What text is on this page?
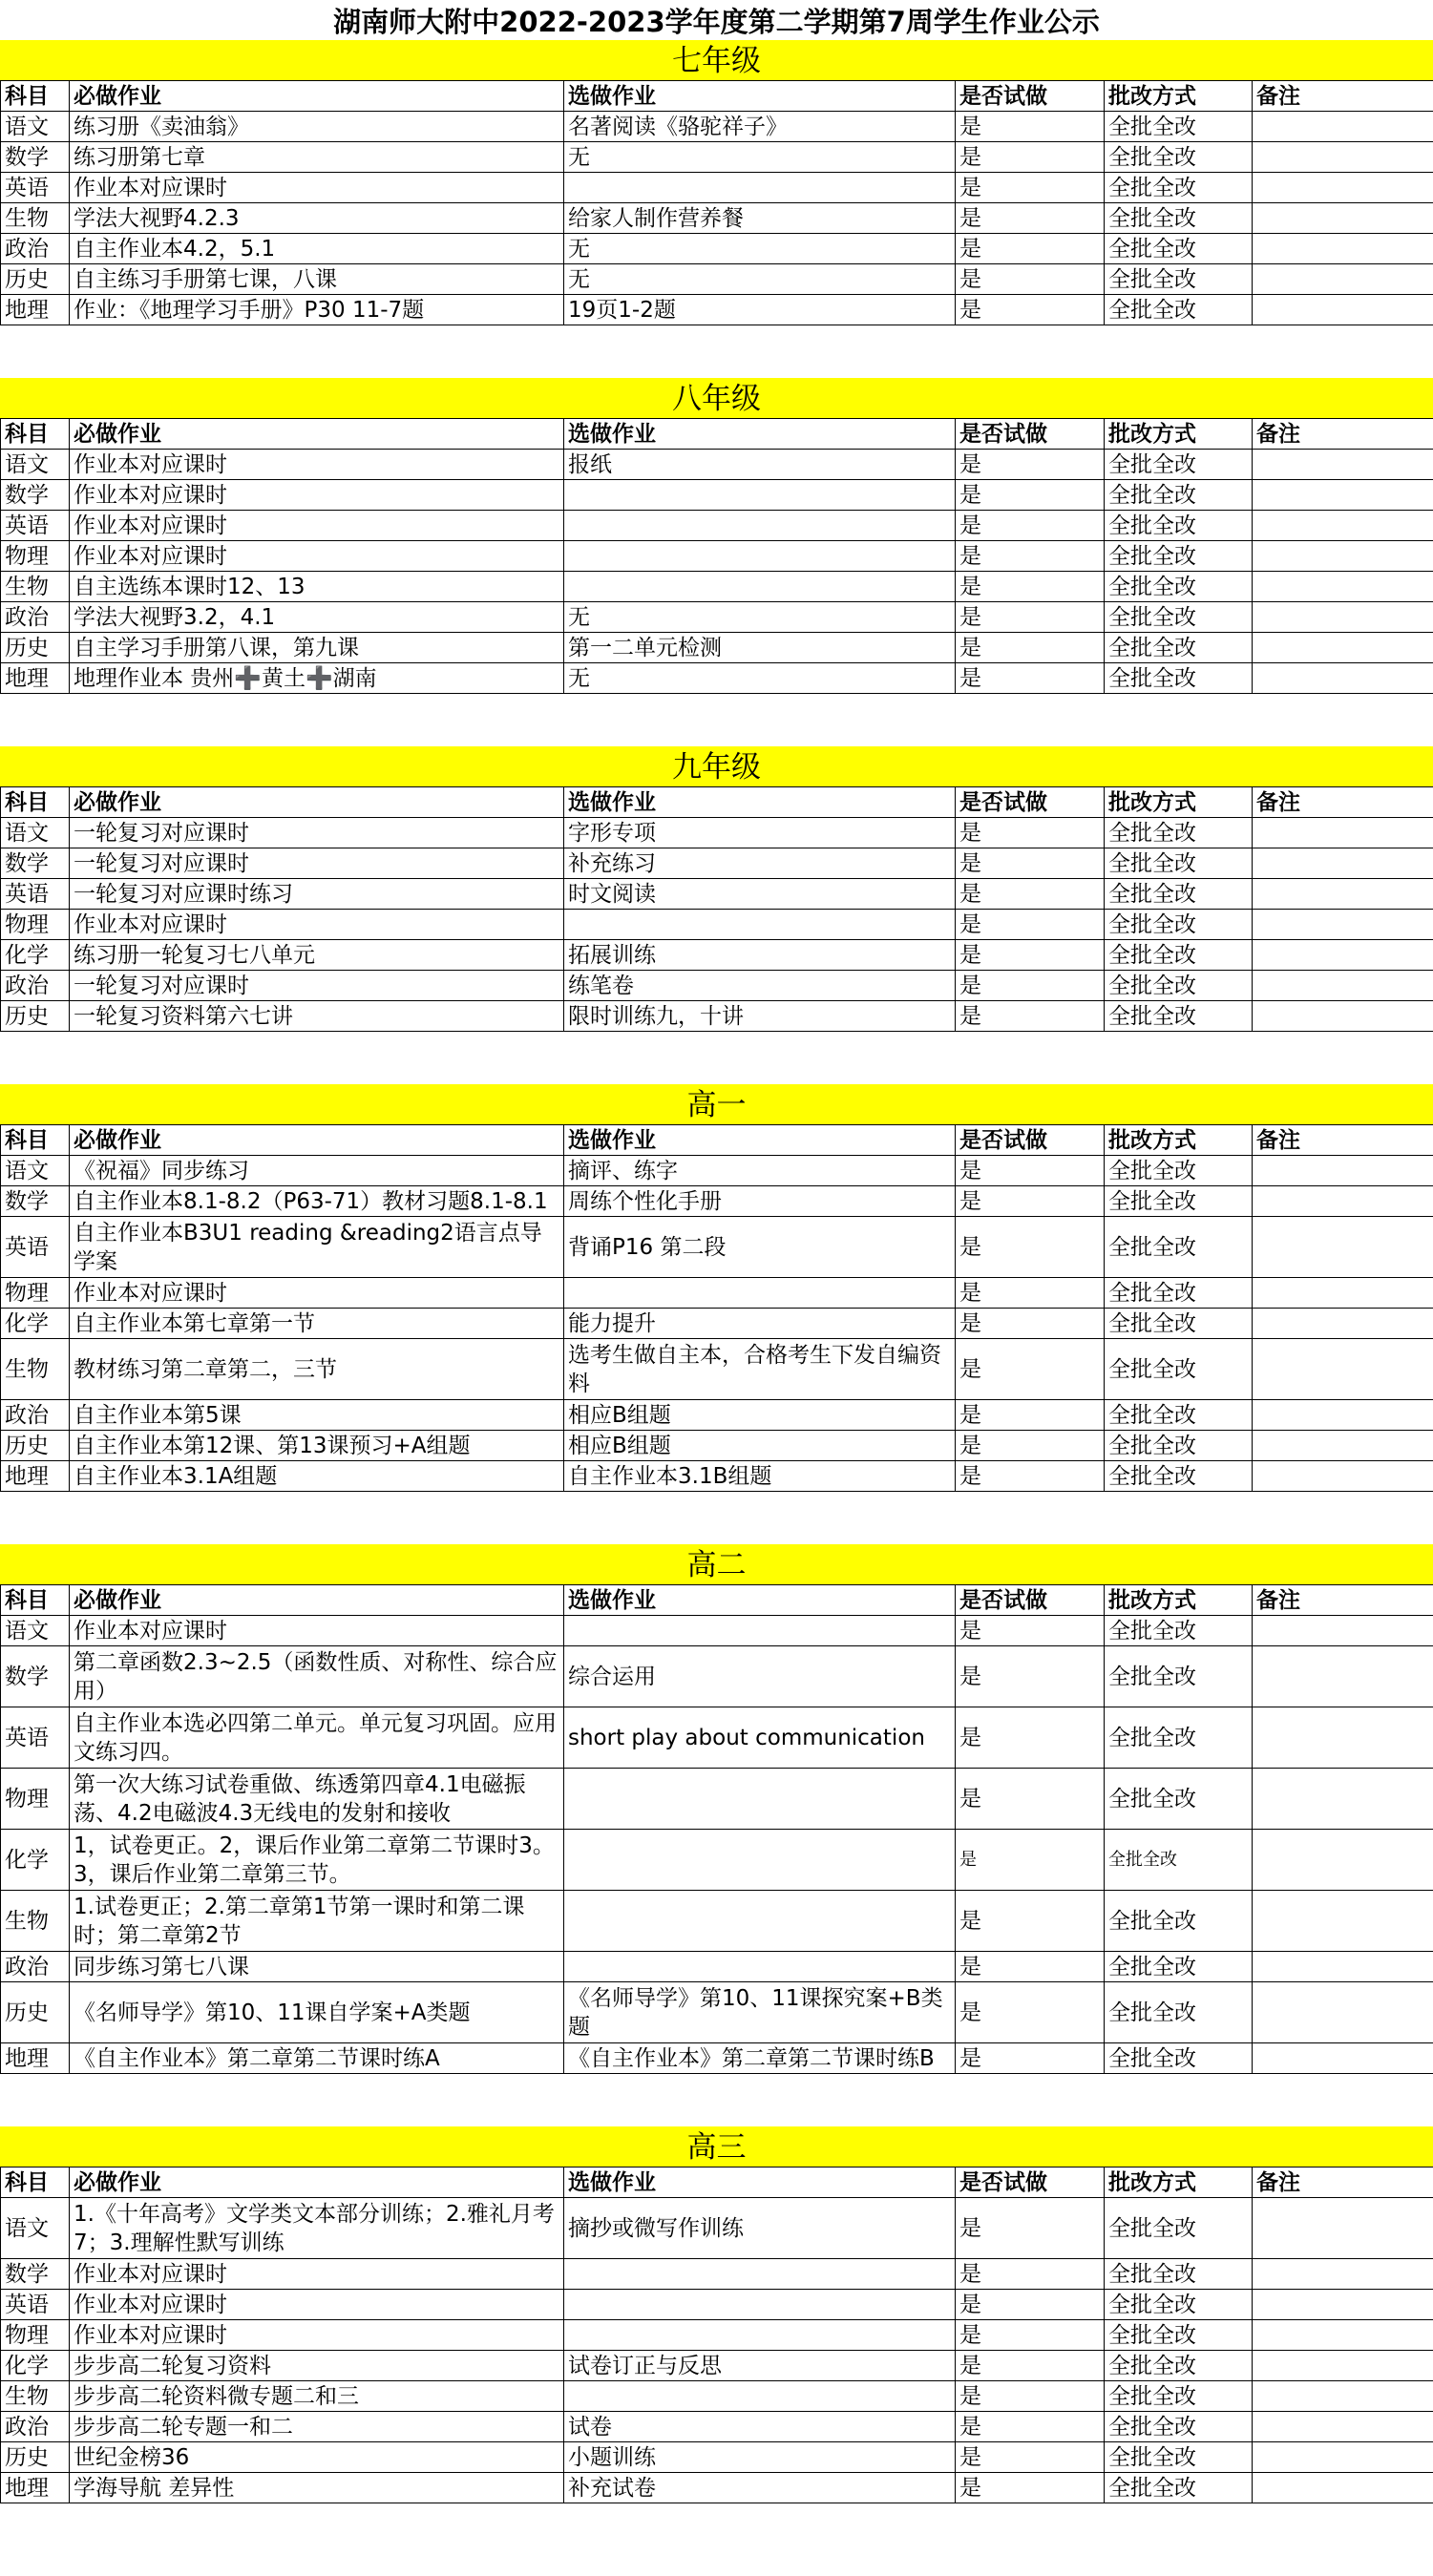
湖南师大附中2022-2023学年度第二学期第7周学生作业公示
七年级
科目	必做作业	选做作业	是否试做	批改方式	备注
语文	练习册《卖油翁》	名著阅读《骆驼祥子》	是	全批全改	
数学	练习册第七章	无	是	全批全改	
英语	作业本对应课时		是	全批全改	
生物	学法大视野4.2.3	给家人制作营养餐	是	全批全改	
政治	自主作业本4.2，5.1	无	是	全批全改	
历史	自主练习手册第七课，八课	无	是	全批全改	
地理	作业：《地理学习手册》P30 11-7题	19页1-2题	是	全批全改	
八年级
科目	必做作业	选做作业	是否试做	批改方式	备注
语文	作业本对应课时	报纸	是	全批全改	
数学	作业本对应课时		是	全批全改	
英语	作业本对应课时		是	全批全改	
物理	作业本对应课时		是	全批全改	
生物	自主选练本课时12、13		是	全批全改	
政治	学法大视野3.2，4.1	无	是	全批全改	
历史	自主学习手册第八课，第九课	第一二单元检测	是	全批全改	
地理	地理作业本 贵州➕黄土➕湖南	无	是	全批全改	
九年级
科目	必做作业	选做作业	是否试做	批改方式	备注
语文	一轮复习对应课时	字形专项	是	全批全改	
数学	一轮复习对应课时	补充练习	是	全批全改	
英语	一轮复习对应课时练习	时文阅读	是	全批全改	
物理	作业本对应课时		是	全批全改	
化学	练习册一轮复习七八单元	拓展训练	是	全批全改	
政治	一轮复习对应课时	练笔卷	是	全批全改	
历史	一轮复习资料第六七讲	限时训练九，十讲	是	全批全改	
高一
科目	必做作业	选做作业	是否试做	批改方式	备注
语文	《祝福》同步练习	摘评、练字	是	全批全改	
数学	自主作业本8.1-8.2（P63-71）教材习题8.1-8.1	周练个性化手册	是	全批全改	
英语	自主作业本B3U1 reading &reading2语言点导学案	背诵P16 第二段	是	全批全改	
物理	作业本对应课时		是	全批全改	
化学	自主作业本第七章第一节	能力提升	是	全批全改	
生物	教材练习第二章第二，三节	选考生做自主本，合格考生下发自编资料	是	全批全改	
政治	自主作业本第5课	相应B组题	是	全批全改	
历史	自主作业本第12课、第13课预习+A组题	相应B组题	是	全批全改	
地理	自主作业本3.1A组题	自主作业本3.1B组题	是	全批全改	
高二
科目	必做作业	选做作业	是否试做	批改方式	备注
语文	作业本对应课时		是	全批全改	
数学	第二章函数2.3~2.5（函数性质、对称性、综合应用）	综合运用	是	全批全改	
英语	自主作业本选必四第二单元。单元复习巩固。应用文练习四。	short play about communication	是	全批全改	
物理	第一次大练习试卷重做、练透第四章4.1电磁振荡、4.2电磁波4.3无线电的发射和接收		是	全批全改	
化学	1，试卷更正。2，课后作业第二章第二节课时3。3，课后作业第二章第三节。		是	全批全改	
生物	1.试卷更正；2.第二章第1节第一课时和第二课时；第二章第2节		是	全批全改	
政治	同步练习第七八课		是	全批全改	
历史	《名师导学》第10、11课自学案+A类题	《名师导学》第10、11课探究案+B类题	是	全批全改	
地理	《自主作业本》第二章第二节课时练A	《自主作业本》第二章第二节课时练B	是	全批全改	
高三
科目	必做作业	选做作业	是否试做	批改方式	备注
语文	1.《十年高考》文学类文本部分训练；2.雅礼月考7；3.理解性默写训练	摘抄或微写作训练	是	全批全改	
数学	作业本对应课时		是	全批全改	
英语	作业本对应课时		是	全批全改	
物理	作业本对应课时		是	全批全改	
化学	步步高二轮复习资料	试卷订正与反思	是	全批全改	
生物	步步高二轮资料微专题二和三		是	全批全改	
政治	步步高二轮专题一和二	试卷	是	全批全改	
历史	世纪金榜36	小题训练	是	全批全改	
地理	学海导航 差异性	补充试卷	是	全批全改	
